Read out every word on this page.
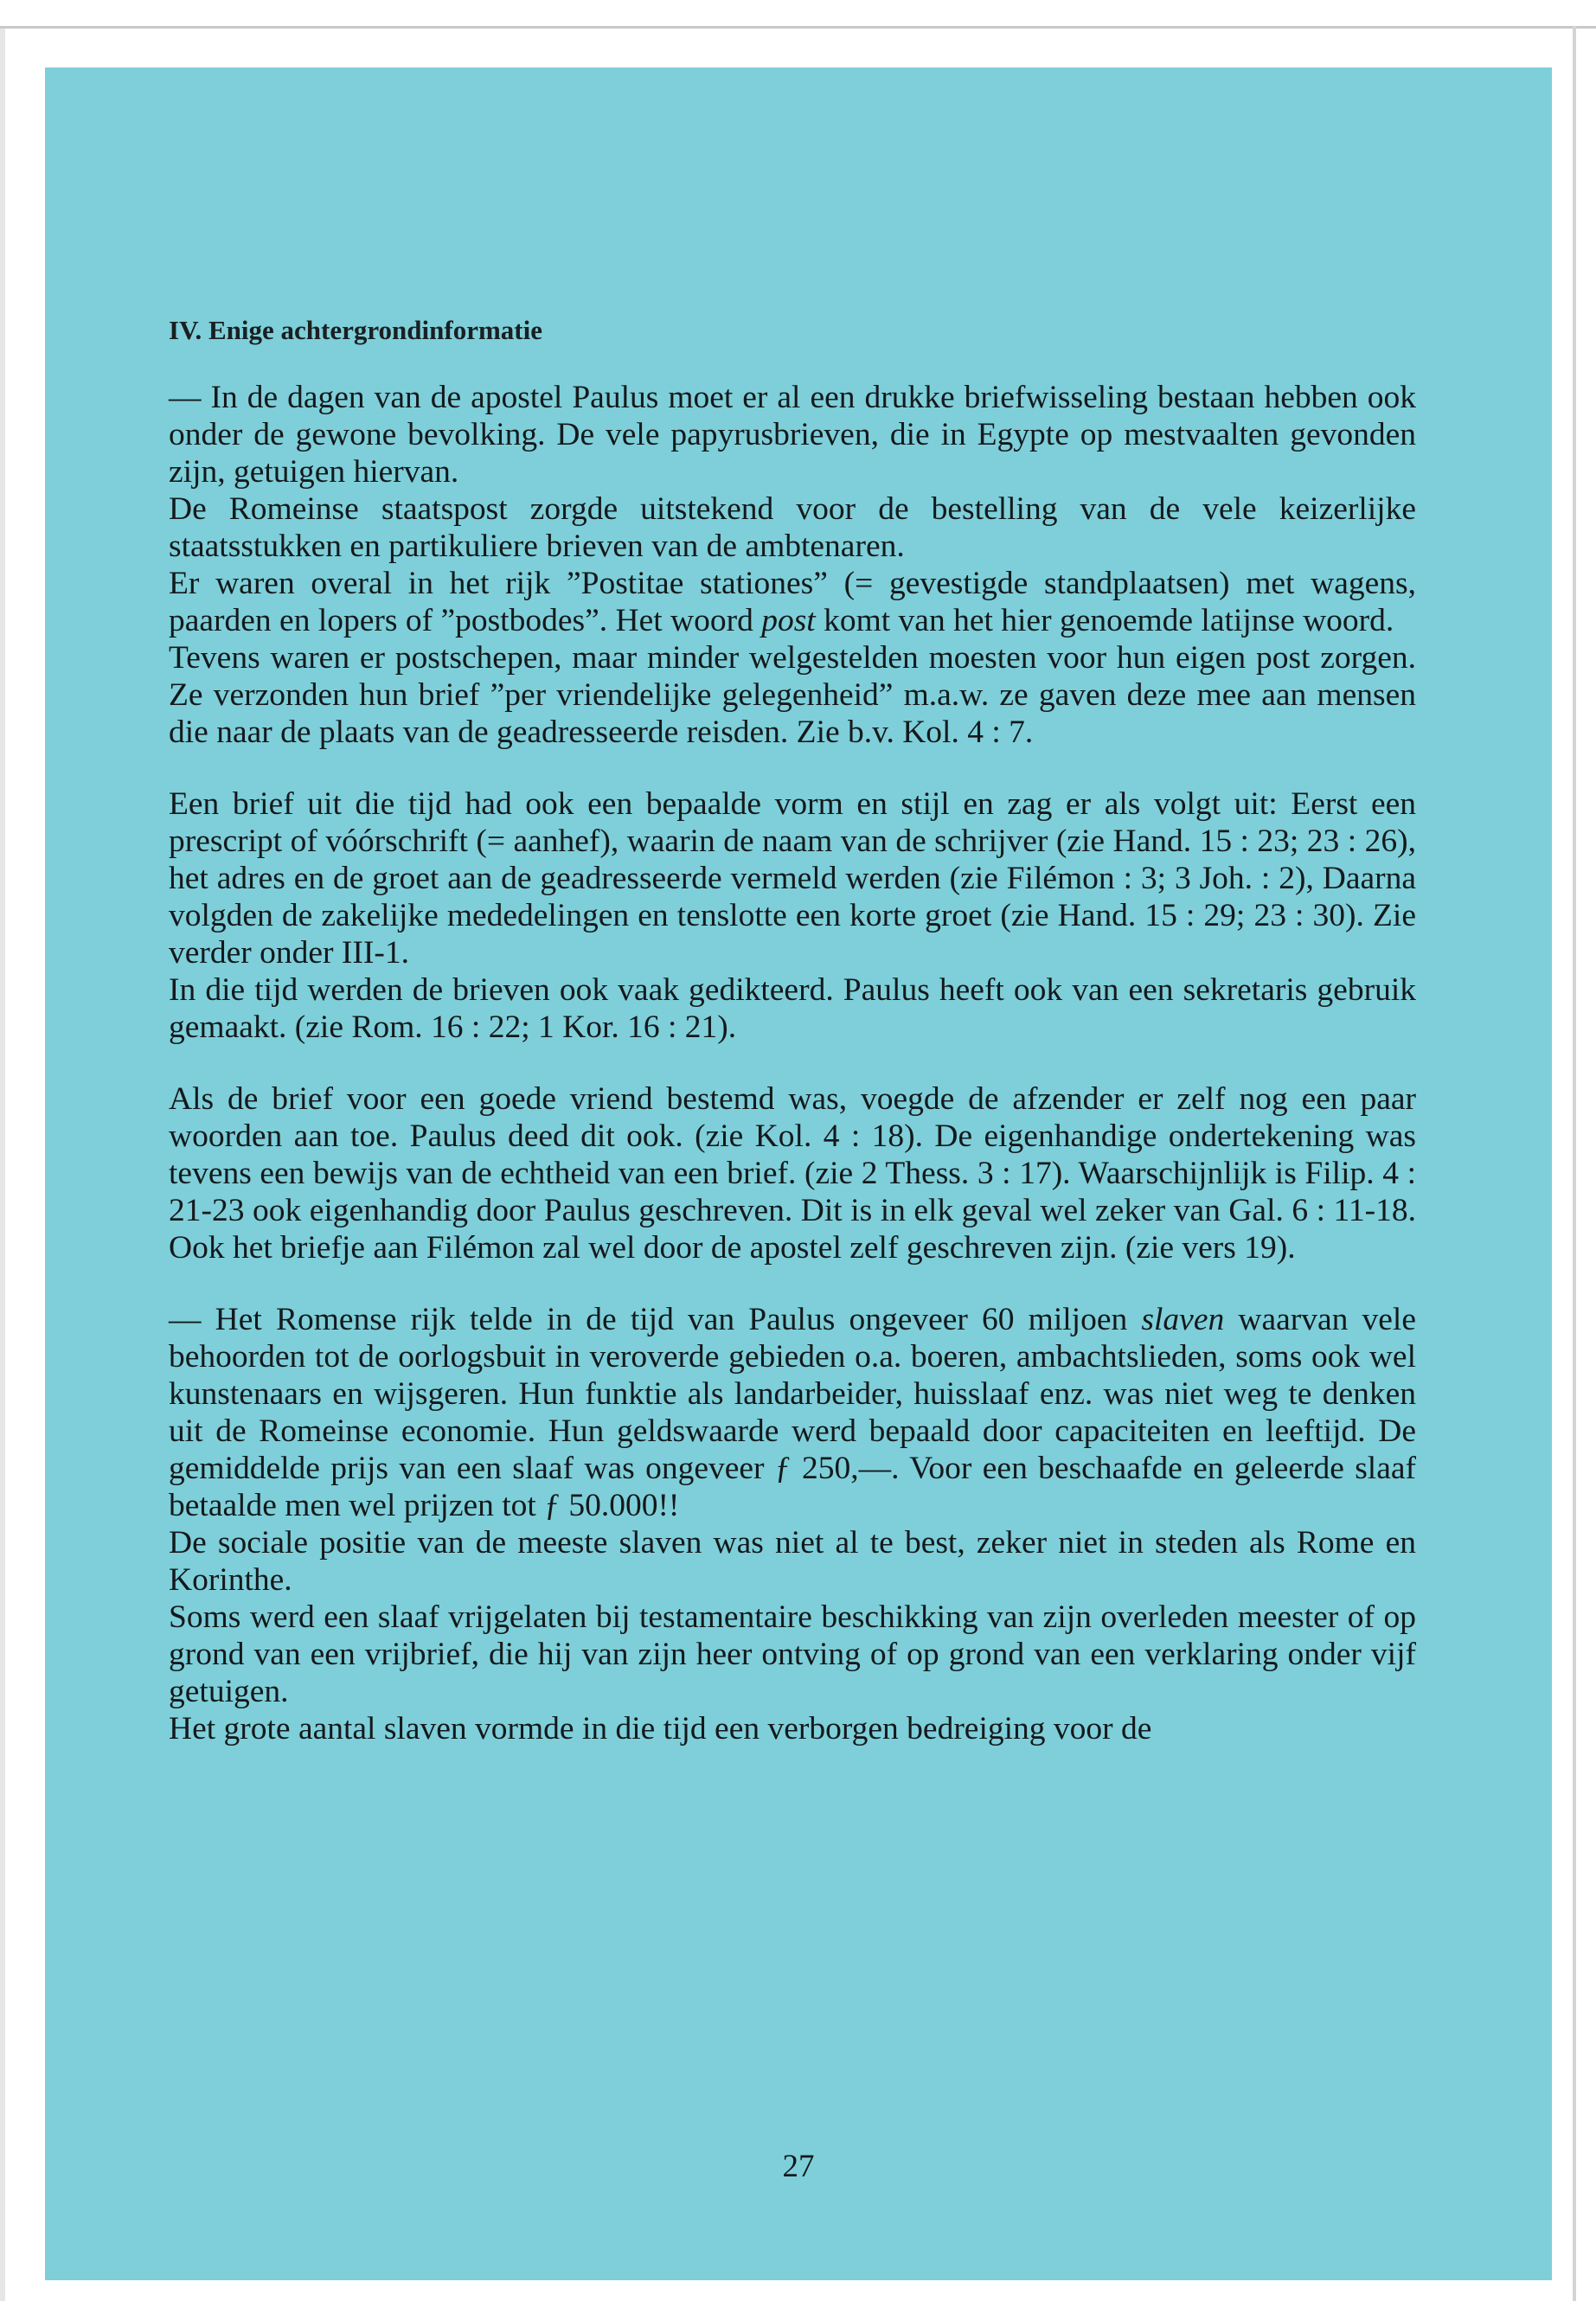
IV. Enige achtergrondinformatie

— In de dagen van de apostel Paulus moet er al een drukke briefwisseling bestaan hebben ook onder de gewone bevolking. De vele papyrusbrieven, die in Egypte op mestvaalten gevonden zijn, getuigen hiervan.

De Romeinse staatspost zorgde uitstekend voor de bestelling van de vele keizerlijke staatsstukken en partikuliere brieven van de ambtenaren.

Er waren overal in het rijk ”Postitae stationes” (= gevestigde standplaatsen) met wagens, paarden en lopers of ”postbodes”. Het woord post komt van het hier genoemde latijnse woord.

Tevens waren er postschepen, maar minder welgestelden moesten voor hun eigen post zorgen. Ze verzonden hun brief ”per vriendelijke gelegenheid” m.a.w. ze gaven deze mee aan mensen die naar de plaats van de geadresseerde reisden. Zie b.v. Kol. 4 : 7.

Een brief uit die tijd had ook een bepaalde vorm en stijl en zag er als volgt uit: Eerst een prescript of vóórschrift (= aanhef), waarin de naam van de schrijver (zie Hand. 15 : 23; 23 : 26), het adres en de groet aan de geadresseerde vermeld werden (zie Filémon : 3; 3 Joh. : 2), Daarna volgden de zakelijke mededelingen en tenslotte een korte groet (zie Hand. 15 : 29; 23 : 30). Zie verder onder III-1.

In die tijd werden de brieven ook vaak gedikteerd. Paulus heeft ook van een sekretaris gebruik gemaakt. (zie Rom. 16 : 22; 1 Kor. 16 : 21).

Als de brief voor een goede vriend bestemd was, voegde de afzender er zelf nog een paar woorden aan toe. Paulus deed dit ook. (zie Kol. 4 : 18). De eigenhandige ondertekening was tevens een bewijs van de echtheid van een brief. (zie 2 Thess. 3 : 17). Waarschijnlijk is Filip. 4 : 21-23 ook eigenhandig door Paulus geschreven. Dit is in elk geval wel zeker van Gal. 6 : 11-18. Ook het briefje aan Filémon zal wel door de apostel zelf geschreven zijn. (zie vers 19).

— Het Romense rijk telde in de tijd van Paulus ongeveer 60 miljoen slaven waarvan vele behoorden tot de oorlogsbuit in veroverde gebieden o.a. boeren, ambachtslieden, soms ook wel kunstenaars en wijsgeren. Hun funktie als landarbeider, huisslaaf enz. was niet weg te denken uit de Romeinse economie. Hun geldswaarde werd bepaald door capaciteiten en leeftijd. De gemiddelde prijs van een slaaf was ongeveer ƒ 250,—. Voor een beschaafde en geleerde slaaf betaalde men wel prijzen tot ƒ 50.000!!

De sociale positie van de meeste slaven was niet al te best, zeker niet in steden als Rome en Korinthe.

Soms werd een slaaf vrijgelaten bij testamentaire beschikking van zijn overleden meester of op grond van een vrijbrief, die hij van zijn heer ontving of op grond van een verklaring onder vijf getuigen.

Het grote aantal slaven vormde in die tijd een verborgen bedreiging voor de

27
